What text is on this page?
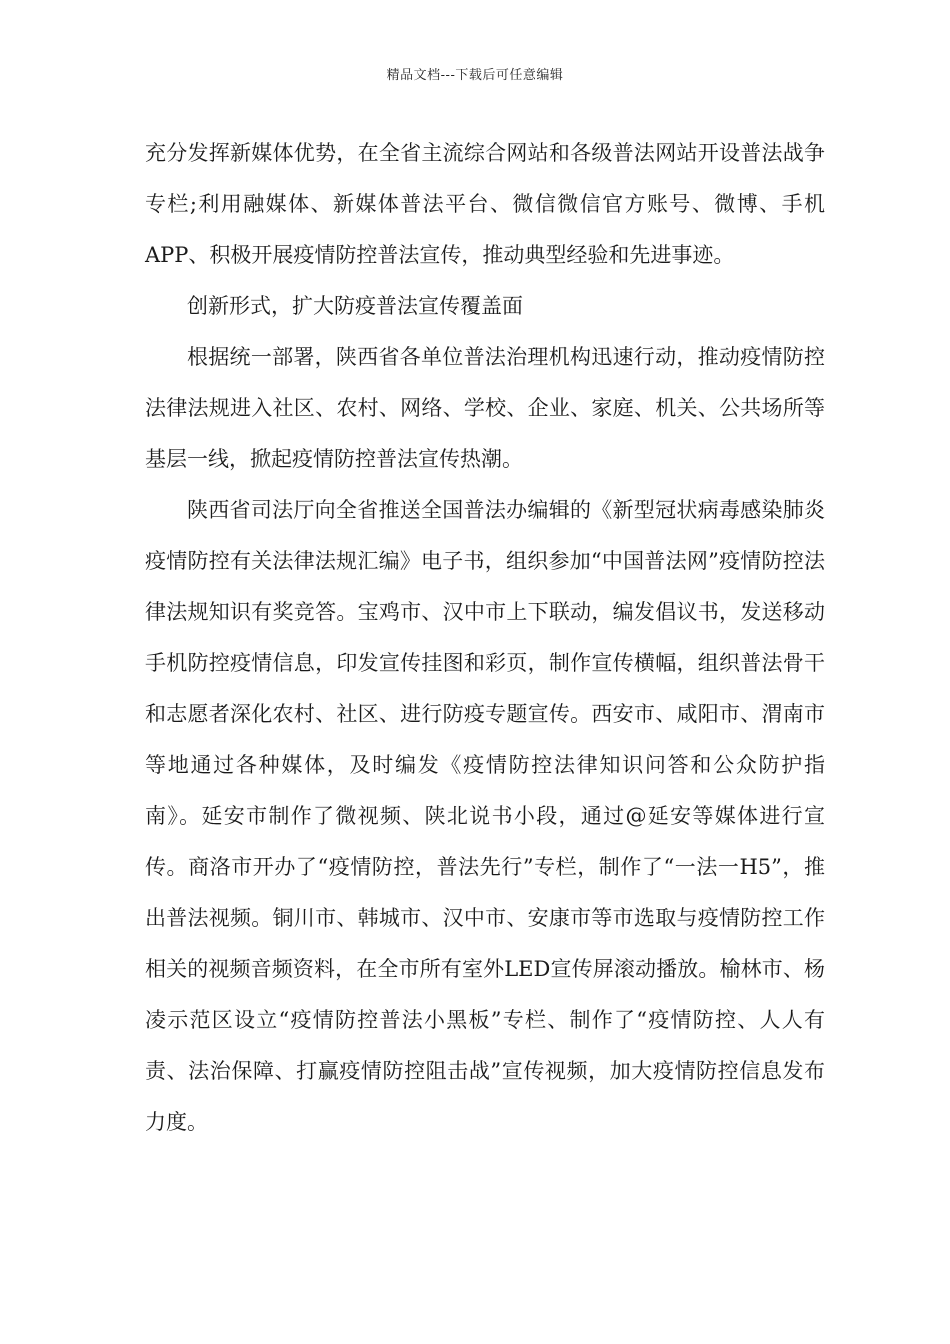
精品文档---下载后可任意编辑

充分发挥新媒体优势，在全省主流综合网站和各级普法网站开设普法战争专栏;利用融媒体、新媒体普法平台、微信微信官方账号、微博、手机APP、积极开展疫情防控普法宣传，推动典型经验和先进事迹。

创新形式，扩大防疫普法宣传覆盖面

根据统一部署，陕西省各单位普法治理机构迅速行动，推动疫情防控法律法规进入社区、农村、网络、学校、企业、家庭、机关、公共场所等基层一线，掀起疫情防控普法宣传热潮。

陕西省司法厅向全省推送全国普法办编辑的《新型冠状病毒感染肺炎疫情防控有关法律法规汇编》电子书，组织参加“中国普法网”疫情防控法律法规知识有奖竞答。宝鸡市、汉中市上下联动，编发倡议书，发送移动手机防控疫情信息，印发宣传挂图和彩页，制作宣传横幅，组织普法骨干和志愿者深化农村、社区、进行防疫专题宣传。西安市、咸阳市、渭南市等地通过各种媒体，及时编发《疫情防控法律知识问答和公众防护指南》。延安市制作了微视频、陕北说书小段，通过@延安等媒体进行宣传。商洛市开办了“疫情防控，普法先行”专栏，制作了“一法一H5”，推出普法视频。铜川市、韩城市、汉中市、安康市等市选取与疫情防控工作相关的视频音频资料，在全市所有室外LED宣传屏滚动播放。榆林市、杨凌示范区设立“疫情防控普法小黑板”专栏、制作了“疫情防控、人人有责、法治保障、打赢疫情防控阻击战”宣传视频，加大疫情防控信息发布力度。
